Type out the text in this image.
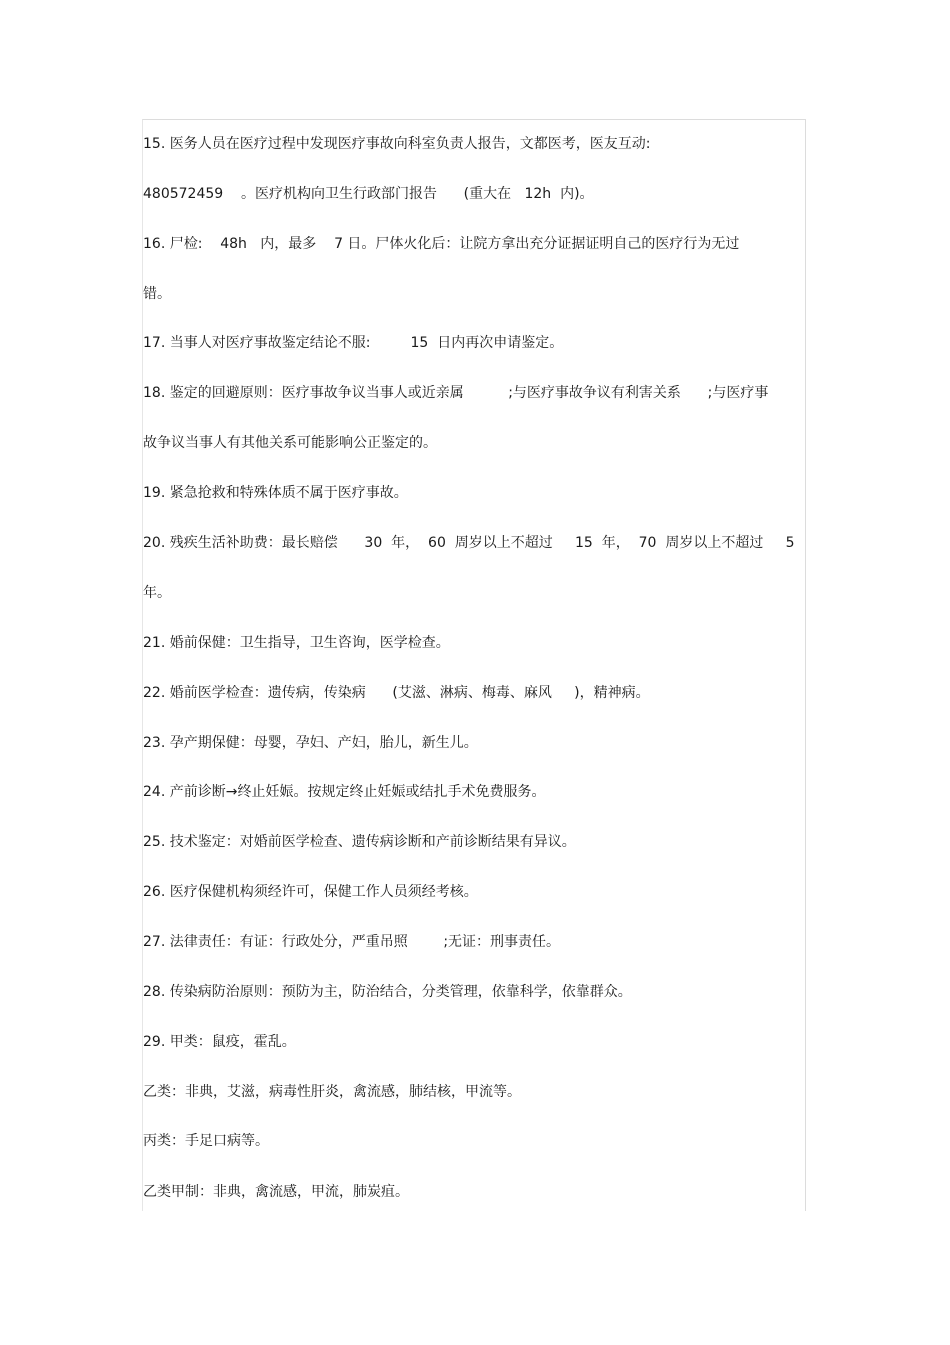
15. 医务人员在医疗过程中发现医疗事故向科室负责人报告，文都医考，医友互动:
480572459    。医疗机构向卫生行政部门报告      (重大在   12h  内)。
16. 尸检:    48h   内，最多    7 日。尸体火化后：让院方拿出充分证据证明自己的医疗行为无过
错。
17. 当事人对医疗事故鉴定结论不服:         15  日内再次申请鉴定。
18. 鉴定的回避原则：医疗事故争议当事人或近亲属          ;与医疗事故争议有利害关系      ;与医疗事
故争议当事人有其他关系可能影响公正鉴定的。
19. 紧急抢救和特殊体质不属于医疗事故。
20. 残疾生活补助费：最长赔偿      30  年，  60  周岁以上不超过     15  年，  70  周岁以上不超过     5
年。
21. 婚前保健：卫生指导，卫生咨询，医学检查。
22. 婚前医学检查：遗传病，传染病      (艾滋、淋病、梅毒、麻风     )，精神病。
23. 孕产期保健：母婴，孕妇、产妇，胎儿，新生儿。
24. 产前诊断→终止妊娠。按规定终止妊娠或结扎手术免费服务。
25. 技术鉴定：对婚前医学检查、遗传病诊断和产前诊断结果有异议。
26. 医疗保健机构须经许可，保健工作人员须经考核。
27. 法律责任：有证：行政处分，严重吊照        ;无证：刑事责任。
28. 传染病防治原则：预防为主，防治结合，分类管理，依靠科学，依靠群众。
29. 甲类：鼠疫，霍乱。
乙类：非典，艾滋，病毒性肝炎，禽流感，肺结核，甲流等。
丙类：手足口病等。
乙类甲制：非典，禽流感，甲流，肺炭疽。
